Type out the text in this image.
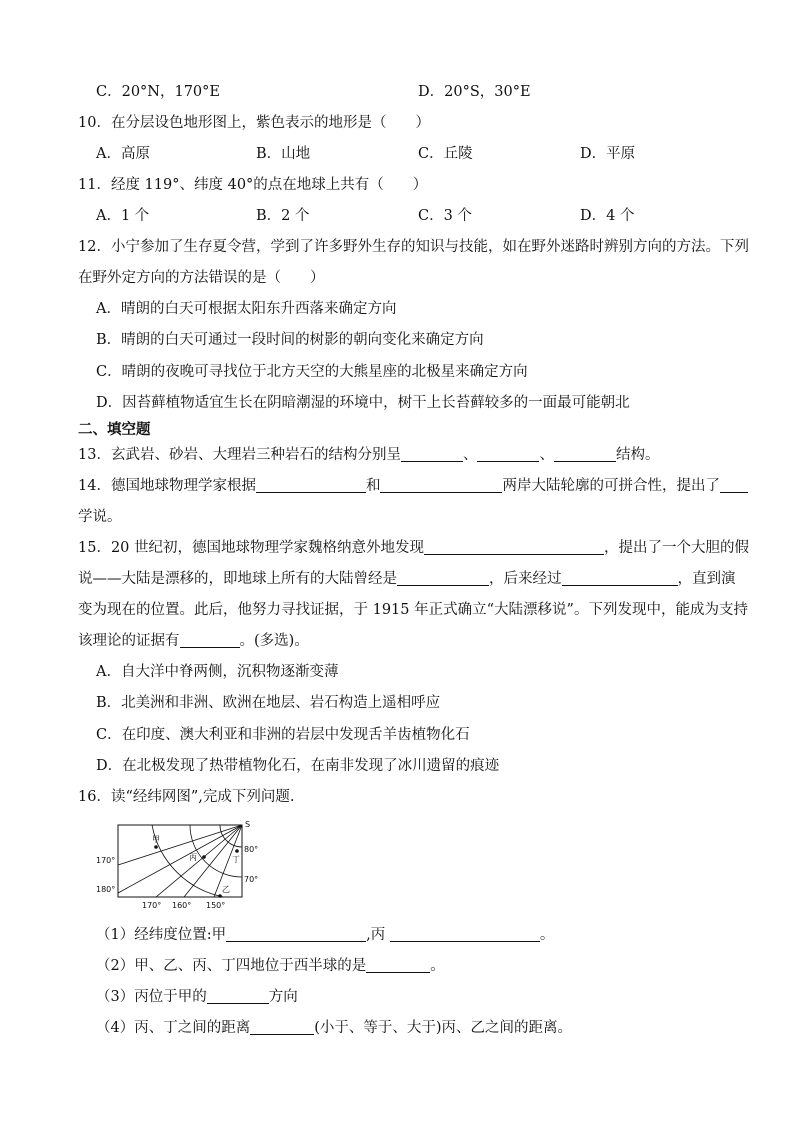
C．20°N，170°E	D．20°S，30°E
10．在分层设色地形图上，紫色表示的地形是（　　）
A．高原	B．山地	C．丘陵	D．平原
11．经度 119°、纬度 40°的点在地球上共有（　　）
A．1 个	B．2 个	C．3 个	D．4 个
12．小宁参加了生存夏令营，学到了许多野外生存的知识与技能，如在野外迷路时辨别方向的方法。下列
在野外定方向的方法错误的是（　　）
A．晴朗的白天可根据太阳东升西落来确定方向
B．晴朗的白天可通过一段时间的树影的朝向变化来确定方向
C．晴朗的夜晚可寻找位于北方天空的大熊星座的北极星来确定方向
D．因苔藓植物适宜生长在阴暗潮湿的环境中，树干上长苔藓较多的一面最可能朝北
二、填空题
13．玄武岩、砂岩、大理岩三种岩石的结构分别呈	、	、	结构。
14．德国地球物理学家根据	和	两岸大陆轮廓的可拼合性，提出了
学说。
15．20 世纪初，德国地球物理学家魏格纳意外地发现	，提出了一个大胆的假
说——大陆是漂移的，即地球上所有的大陆曾经是	，后来经过	，直到演
变为现在的位置。此后，他努力寻找证据，于 1915 年正式确立“大陆漂移说”。下列发现中，能成为支持
该理论的证据有	。(多选)。
A．自大洋中脊两侧，沉积物逐渐变薄
B．北美洲和非洲、欧洲在地层、岩石构造上遥相呼应
C．在印度、澳大利亚和非洲的岩层中发现舌羊齿植物化石
D．在北极发现了热带植物化石，在南非发现了冰川遗留的痕迹
16．读“经纬网图”,完成下列问题.
S
170°
180°
80°
70°
170° 160° 150°
甲
丙	丁
乙
（1）经纬度位置:甲	,丙	。
（2）甲、乙、丙、丁四地位于西半球的是	。
（3）丙位于甲的	方向
（4）丙、丁之间的距离	(小于、等于、大于)丙、乙之间的距离。
